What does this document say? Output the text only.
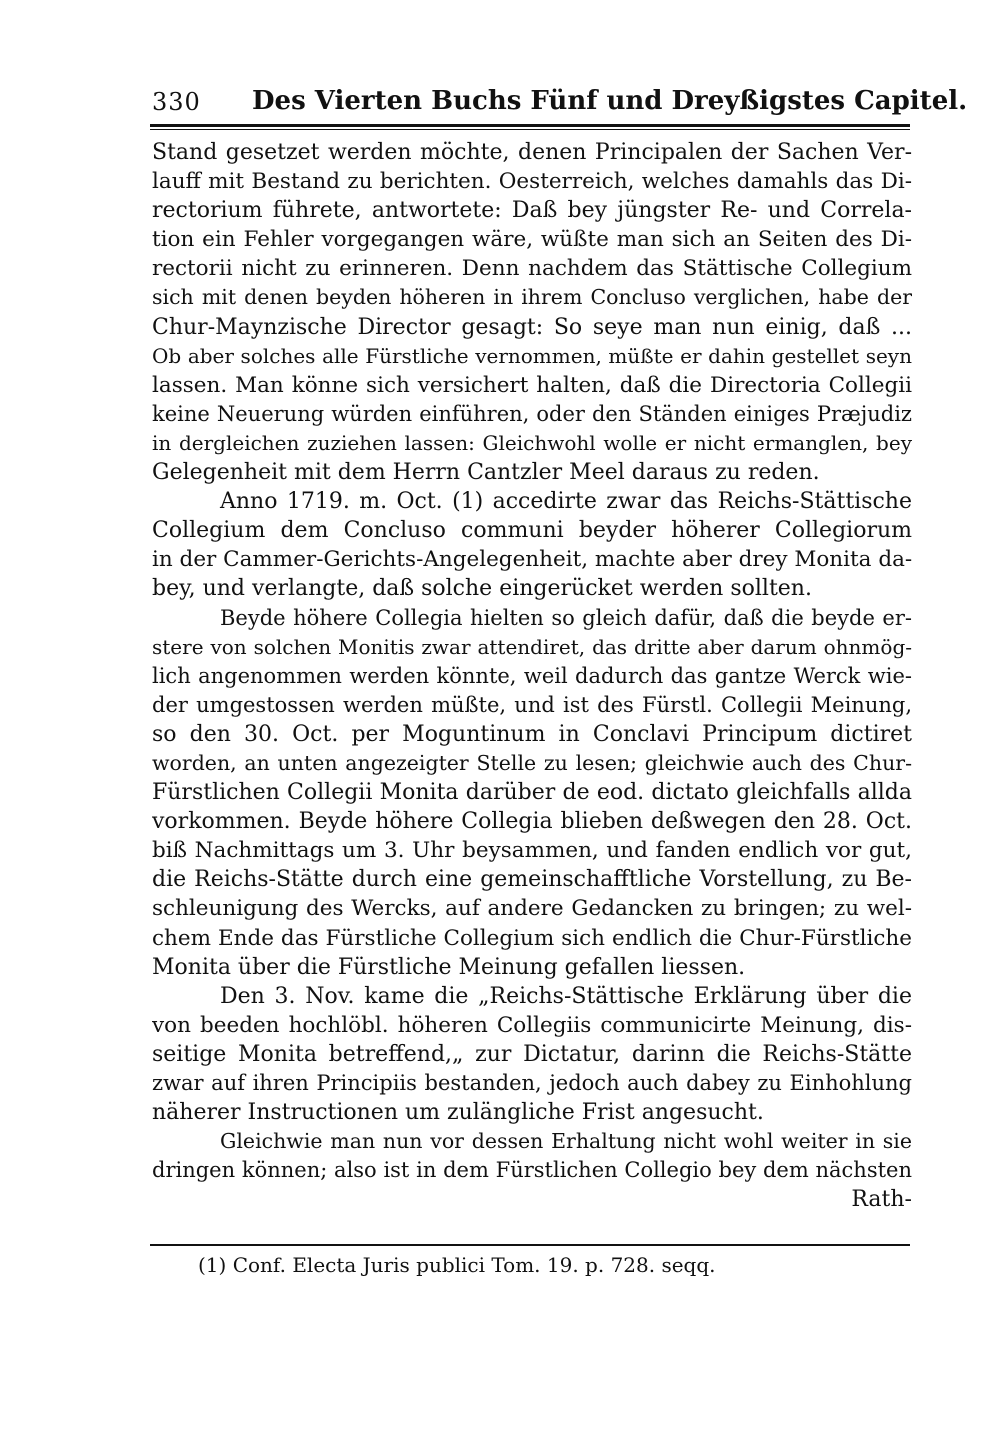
330 Des Vierten Buchs Fünf und Dreyßigstes Capitel.
Stand gesetzet werden möchte, denen Principalen der Sachen Ver-
lauff mit Bestand zu berichten. Oesterreich, welches damahls das Di-
rectorium führete, antwortete: Daß bey jüngster Re- und Correla-
tion ein Fehler vorgegangen wäre, wüßte man sich an Seiten des Di-
rectorii nicht zu erinneren. Denn nachdem das Stättische Collegium
sich mit denen beyden höheren in ihrem Concluso verglichen, habe der
Chur-Maynzische Director gesagt: So seye man nun einig, daß ...
Ob aber solches alle Fürstliche vernommen, müßte er dahin gestellet seyn
lassen. Man könne sich versichert halten, daß die Directoria Collegii
keine Neuerung würden einführen, oder den Ständen einiges Præjudiz
in dergleichen zuziehen lassen: Gleichwohl wolle er nicht ermanglen, bey
Gelegenheit mit dem Herrn Cantzler Meel daraus zu reden.
Anno 1719. m. Oct. (1) accedirte zwar das Reichs-Stättische
Collegium dem Concluso communi beyder höherer Collegiorum
in der Cammer-Gerichts-Angelegenheit, machte aber drey Monita da-
bey, und verlangte, daß solche eingerücket werden sollten.
Beyde höhere Collegia hielten so gleich dafür, daß die beyde er-
stere von solchen Monitis zwar attendiret, das dritte aber darum ohnmög-
lich angenommen werden könnte, weil dadurch das gantze Werck wie-
der umgestossen werden müßte, und ist des Fürstl. Collegii Meinung,
so den 30. Oct. per Moguntinum in Conclavi Principum dictiret
worden, an unten angezeigter Stelle zu lesen; gleichwie auch des Chur-
Fürstlichen Collegii Monita darüber de eod. dictato gleichfalls allda
vorkommen. Beyde höhere Collegia blieben deßwegen den 28. Oct.
biß Nachmittags um 3. Uhr beysammen, und fanden endlich vor gut,
die Reichs-Stätte durch eine gemeinschafftliche Vorstellung, zu Be-
schleunigung des Wercks, auf andere Gedancken zu bringen; zu wel-
chem Ende das Fürstliche Collegium sich endlich die Chur-Fürstliche
Monita über die Fürstliche Meinung gefallen liessen.
Den 3. Nov. kame die „Reichs-Stättische Erklärung über die
von beeden hochlöbl. höheren Collegiis communicirte Meinung, dis-
seitige Monita betreffend,„ zur Dictatur, darinn die Reichs-Stätte
zwar auf ihren Principiis bestanden, jedoch auch dabey zu Einhohlung
näherer Instructionen um zulängliche Frist angesucht.
Gleichwie man nun vor dessen Erhaltung nicht wohl weiter in sie
dringen können; also ist in dem Fürstlichen Collegio bey dem nächsten
Rath-
(1) Conf. Electa Juris publici Tom. 19. p. 728. seqq.
